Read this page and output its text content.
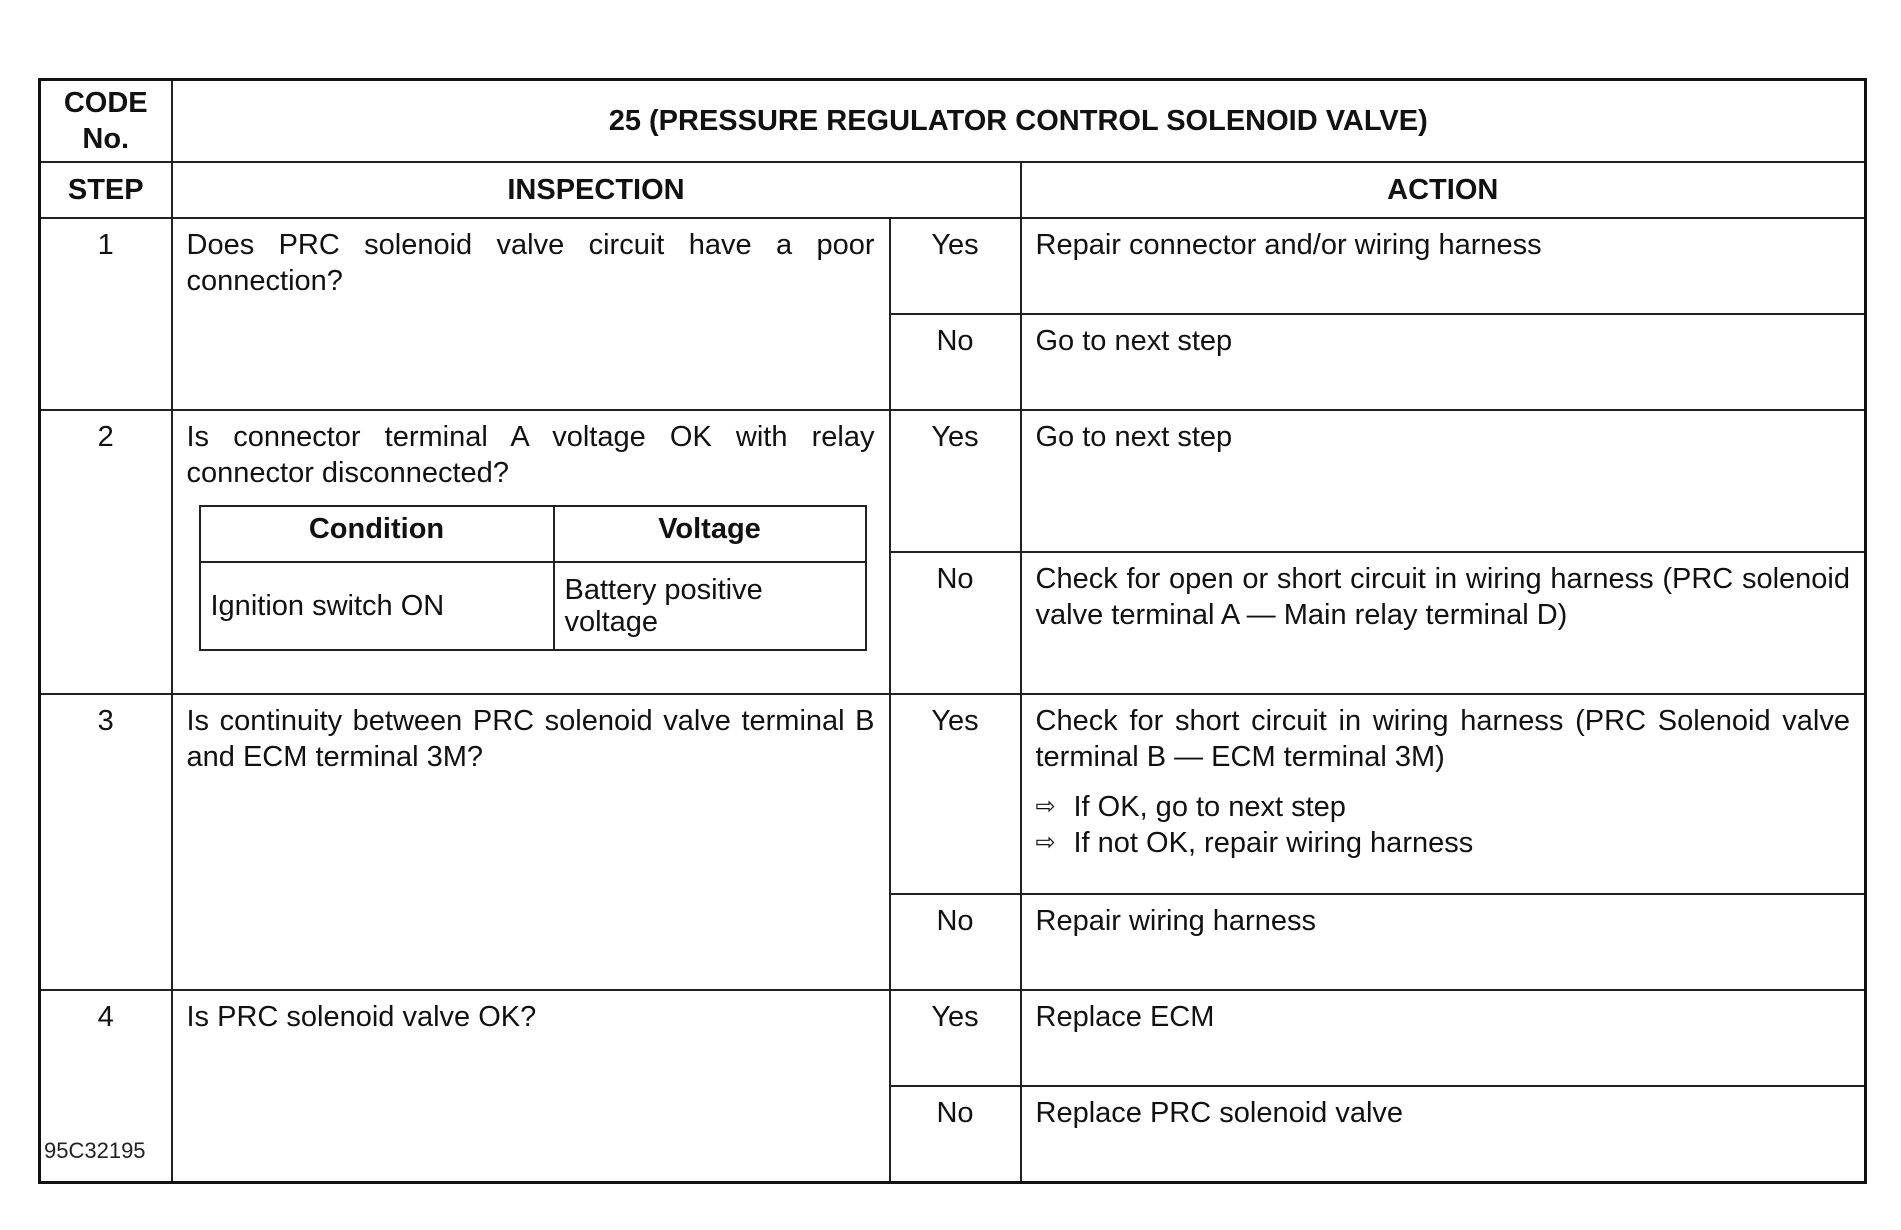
CODE
No.
	25 (PRESSURE REGULATOR CONTROL SOLENOID VALVE)
STEP	INSPECTION	ACTION
1	Does PRC solenoid valve circuit have a poor connection?
	Yes	Repair connector and/or wiring harness
No	Go to next step
2	Is connector terminal A voltage OK with relay connector disconnected?
Condition	Voltage
Ignition switch ON	Battery positive voltage
	Yes	Go to next step
No	Check for open or short circuit in wiring harness (PRC solenoid valve terminal A — Main relay terminal D)

3	Is continuity between PRC solenoid valve terminal B and ECM terminal 3M?
	Yes	Check for short circuit in wiring harness (PRC Solenoid valve terminal B — ECM terminal 3M)
⇨ If OK, go to next step
⇨ If not OK, repair wiring harness

No	Repair wiring harness
4	Is PRC solenoid valve OK?	Yes	Replace ECM
No	Replace PRC solenoid valve
95C32195
